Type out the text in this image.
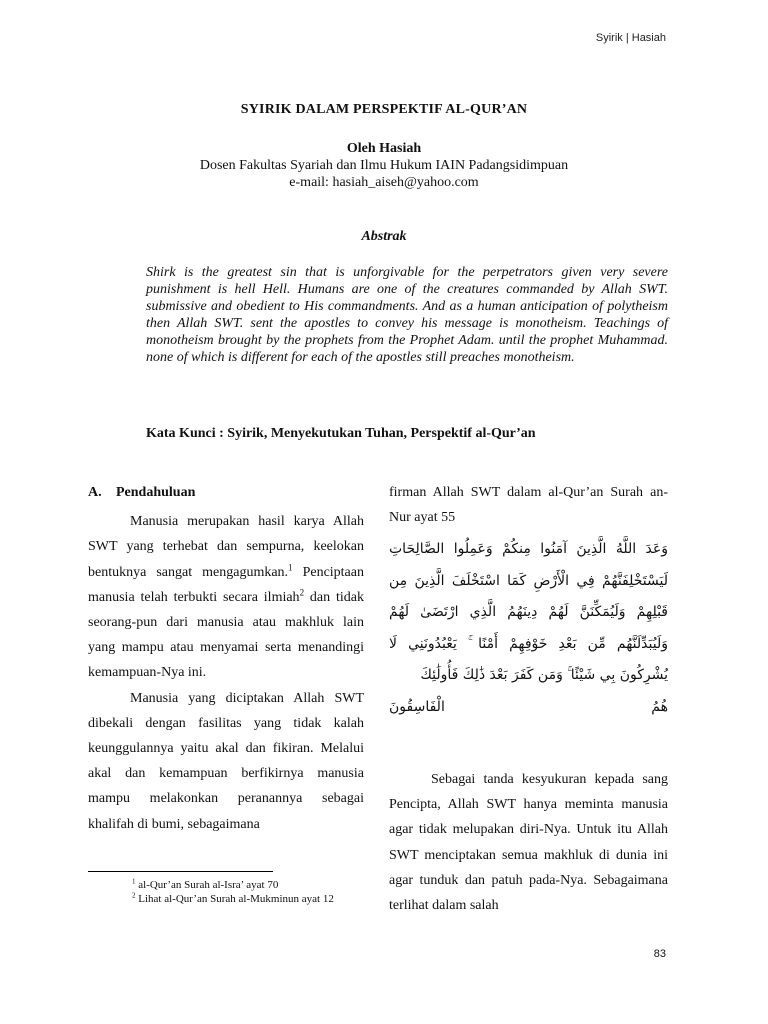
Syirik | Hasiah
SYIRIK DALAM PERSPEKTIF AL-QUR’AN
Oleh Hasiah
Dosen Fakultas Syariah dan Ilmu Hukum IAIN Padangsidimpuan
e-mail: hasiah_aiseh@yahoo.com
Abstrak
Shirk is the greatest sin that is unforgivable for the perpetrators given very severe punishment is hell Hell. Humans are one of the creatures commanded by Allah SWT. submissive and obedient to His commandments. And as a human anticipation of polytheism then Allah SWT. sent the apostles to convey his message is monotheism. Teachings of monotheism brought by the prophets from the Prophet Adam. until the prophet Muhammad. none of which is different for each of the apostles still preaches monotheism.
Kata Kunci : Syirik, Menyekutukan Tuhan, Perspektif al-Qur’an
A. Pendahuluan

Manusia merupakan hasil karya Allah SWT yang terhebat dan sempurna, keelokan bentuknya sangat mengagumkan.$^1$ Penciptaan manusia telah terbukti secara ilmiah$^2$ dan tidak seorang-pun dari manusia atau makhluk lain yang mampu atau menyamai serta menandingi kemampuan-Nya ini.

Manusia yang diciptakan Allah SWT dibekali dengan fasilitas yang tidak kalah keunggulannya yaitu akal dan fikiran. Melalui akal dan kemampuan berfikirnya manusia mampu melakonkan peranannya sebagai khalifah di bumi, sebagaimana

firman Allah SWT dalam al-Qur’an Surah an-Nur ayat 55

وَعَدَ اللَّهُ الَّذِينَ آمَنُوا مِنكُمْ وَعَمِلُوا الصَّالِحَاتِ لَيَسْتَخْلِفَنَّهُمْ فِي الْأَرْضِ كَمَا اسْتَخْلَفَ الَّذِينَ مِن قَبْلِهِمْ وَلَيُمَكِّنَنَّ لَهُمْ دِينَهُمُ الَّذِي ارْتَضَىٰ لَهُمْ وَلَيُبَدِّلَنَّهُم مِّن بَعْدِ خَوْفِهِمْ أَمْنًا ۚ يَعْبُدُونَنِي لَا يُشْرِكُونَ بِي شَيْئًا ۚ وَمَن كَفَرَ بَعْدَ ذَٰلِكَ فَأُولَٰئِكَ
هُمُ
الْفَاسِقُونَ

Sebagai tanda kesyukuran kepada sang Pencipta, Allah SWT hanya meminta manusia agar tidak melupakan diri-Nya. Untuk itu Allah SWT menciptakan semua makhluk di dunia ini agar tunduk dan patuh pada-Nya. Sebagaimana terlihat dalam salah

$^1$ al-Qur’an Surah al-Isra’ ayat 70
$^2$ Lihat al-Qur’an Surah al-Mukminun ayat 12
83
